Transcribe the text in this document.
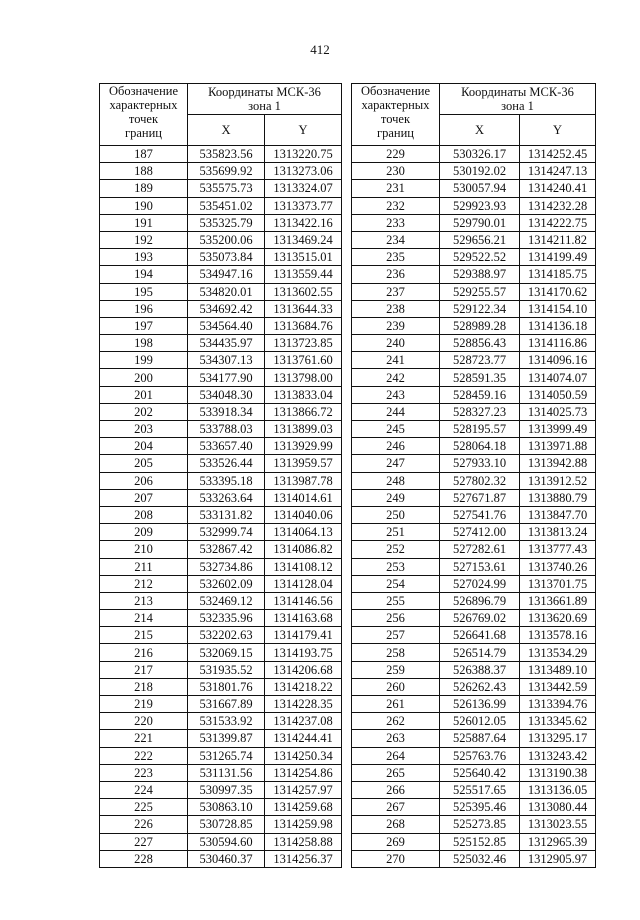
412
Обозначение
характерных
точек
границ	Координаты МСК-36
зона 1	

	X	Y
187	535823.56	1313220.75
188	535699.92	1313273.06
189	535575.73	1313324.07
190	535451.02	1313373.77
191	535325.79	1313422.16
192	535200.06	1313469.24
193	535073.84	1313515.01
194	534947.16	1313559.44
195	534820.01	1313602.55
196	534692.42	1313644.33
197	534564.40	1313684.76
198	534435.97	1313723.85
199	534307.13	1313761.60
200	534177.90	1313798.00
201	534048.30	1313833.04
202	533918.34	1313866.72
203	533788.03	1313899.03
204	533657.40	1313929.99
205	533526.44	1313959.57
206	533395.18	1313987.78
207	533263.64	1314014.61
208	533131.82	1314040.06
209	532999.74	1314064.13
210	532867.42	1314086.82
211	532734.86	1314108.12
212	532602.09	1314128.04
213	532469.12	1314146.56
214	532335.96	1314163.68
215	532202.63	1314179.41
216	532069.15	1314193.75
217	531935.52	1314206.68
218	531801.76	1314218.22
219	531667.89	1314228.35
220	531533.92	1314237.08
221	531399.87	1314244.41
222	531265.74	1314250.34
223	531131.56	1314254.86
224	530997.35	1314257.97
225	530863.10	1314259.68
226	530728.85	1314259.98
227	530594.60	1314258.88
228	530460.37	1314256.37
Обозначение
характерных
точек
границ	Координаты МСК-36
зона 1	

	X	Y
229	530326.17	1314252.45
230	530192.02	1314247.13
231	530057.94	1314240.41
232	529923.93	1314232.28
233	529790.01	1314222.75
234	529656.21	1314211.82
235	529522.52	1314199.49
236	529388.97	1314185.75
237	529255.57	1314170.62
238	529122.34	1314154.10
239	528989.28	1314136.18
240	528856.43	1314116.86
241	528723.77	1314096.16
242	528591.35	1314074.07
243	528459.16	1314050.59
244	528327.23	1314025.73
245	528195.57	1313999.49
246	528064.18	1313971.88
247	527933.10	1313942.88
248	527802.32	1313912.52
249	527671.87	1313880.79
250	527541.76	1313847.70
251	527412.00	1313813.24
252	527282.61	1313777.43
253	527153.61	1313740.26
254	527024.99	1313701.75
255	526896.79	1313661.89
256	526769.02	1313620.69
257	526641.68	1313578.16
258	526514.79	1313534.29
259	526388.37	1313489.10
260	526262.43	1313442.59
261	526136.99	1313394.76
262	526012.05	1313345.62
263	525887.64	1313295.17
264	525763.76	1313243.42
265	525640.42	1313190.38
266	525517.65	1313136.05
267	525395.46	1313080.44
268	525273.85	1313023.55
269	525152.85	1312965.39
270	525032.46	1312905.97
